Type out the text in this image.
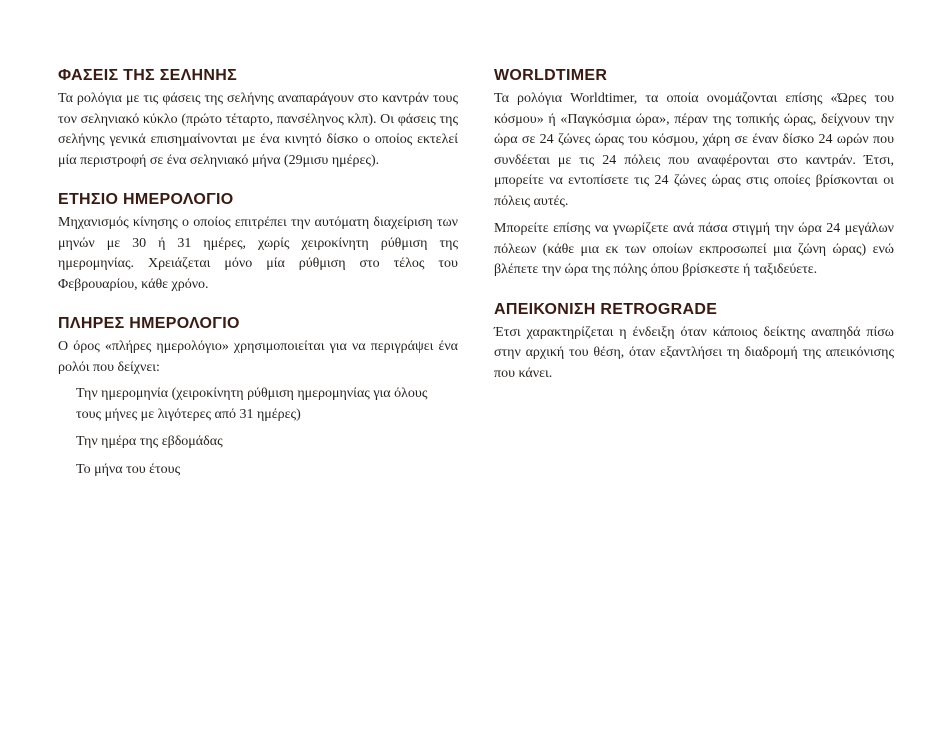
ΦΑΣΕΙΣ ΤΗΣ ΣΕΛΗΝΗΣ

Τα ρολόγια με τις φάσεις της σελήνης αναπαράγουν στο καντράν τους τον σεληνιακό κύκλο (πρώτο τέταρτο, πανσέληνος κλπ). Οι φάσεις της σελήνης γενικά επισημαίνονται με ένα κινητό δίσκο ο οποίος εκτελεί μία περιστροφή σε ένα σεληνιακό μήνα (29μισυ ημέρες).

ΕΤΗΣΙΟ ΗΜΕΡΟΛΟΓΙΟ

Μηχανισμός κίνησης ο οποίος επιτρέπει την αυτόματη διαχείριση των μηνών με 30 ή 31 ημέρες, χωρίς χειροκίνητη ρύθμιση της ημερομηνίας. Χρειάζεται μόνο μία ρύθμιση στο τέλος του Φεβρουαρίου, κάθε χρόνο.

ΠΛΗΡΕΣ ΗΜΕΡΟΛΟΓΙΟ

Ο όρος «πλήρες ημερολόγιο» χρησιμοποιείται για να περιγράψει ένα ρολόι που δείχνει:

Την ημερομηνία (χειροκίνητη ρύθμιση ημερομηνίας για όλους τους μήνες με λιγότερες από 31 ημέρες)
Την ημέρα της εβδομάδας
Το μήνα του έτους
WORLDTIMER

Τα ρολόγια Worldtimer, τα οποία ονομάζονται επίσης «Ώρες του κόσμου» ή «Παγκόσμια ώρα», πέραν της τοπικής ώρας, δείχνουν την ώρα σε 24 ζώνες ώρας του κόσμου, χάρη σε έναν δίσκο 24 ωρών που συνδέεται με τις 24 πόλεις που αναφέρονται στο καντράν. Έτσι, μπορείτε να εντοπίσετε τις 24 ζώνες ώρας στις οποίες βρίσκονται οι πόλεις αυτές.

Μπορείτε επίσης να γνωρίζετε ανά πάσα στιγμή την ώρα 24 μεγάλων πόλεων (κάθε μια εκ των οποίων εκπροσωπεί μια ζώνη ώρας) ενώ βλέπετε την ώρα της πόλης όπου βρίσκεστε ή ταξιδεύετε.

ΑΠΕΙΚΟΝΙΣΗ RETROGRADE

Έτσι χαρακτηρίζεται η ένδειξη όταν κάποιος δείκτης αναπηδά πίσω στην αρχική του θέση, όταν εξαντλήσει τη διαδρομή της απεικόνισης που κάνει.
